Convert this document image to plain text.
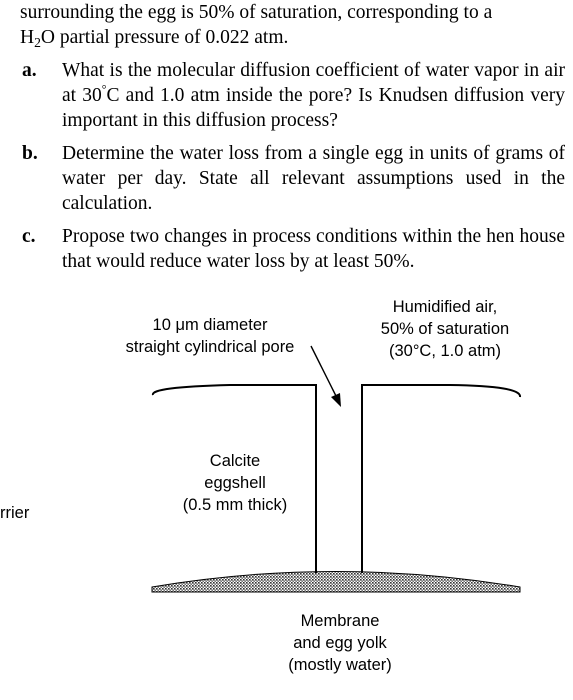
surrounding the egg is 50% of saturation, corresponding to a
$H_2O$ partial pressure of 0.022 atm.
a. What is the molecular diffusion coefficient of water vapor in air at 30°C and 1.0 atm inside the pore? Is Knudsen diffusion very important in this diffusion process?
b. Determine the water loss from a single egg in units of grams of water per day. State all relevant assumptions used in the calculation.
c. Propose two changes in process conditions within the hen house that would reduce water loss by at least 50%.
10 μm diameter
straight cylindrical pore
Humidified air,
50% of saturation
(30°C, 1.0 atm)
Calcite
eggshell
(0.5 mm thick)
rrier
Membrane
and egg yolk
(mostly water)
